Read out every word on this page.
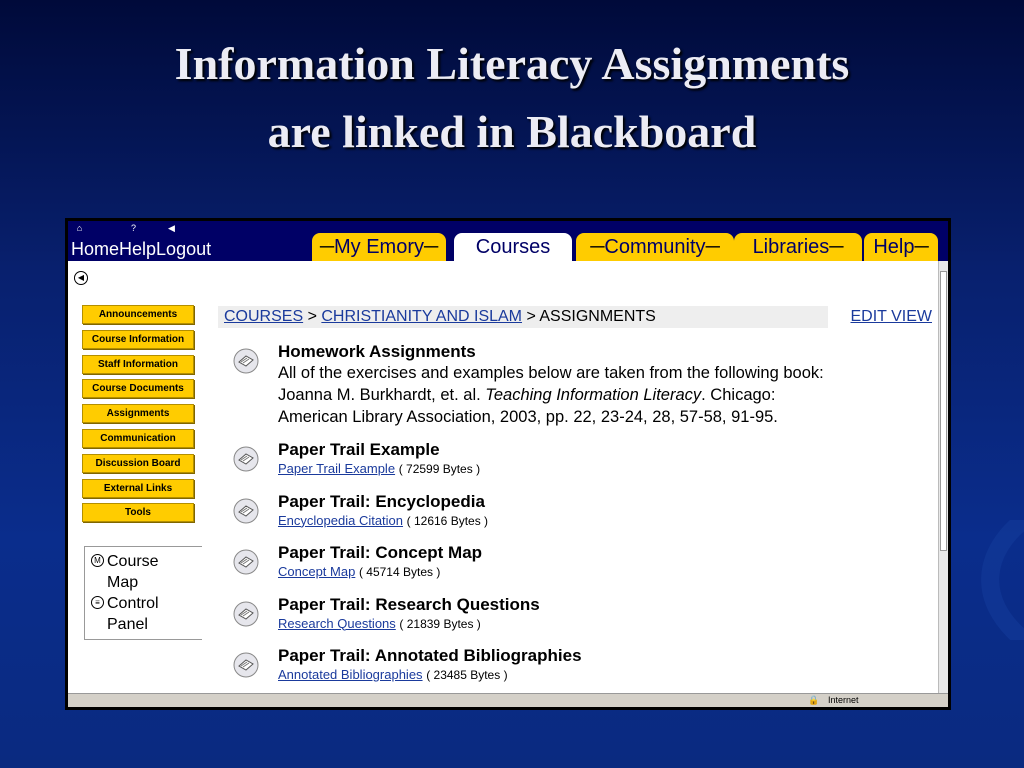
Information Literacy Assignments
are linked in Blackboard
⌂	?	◀
HomeHelpLogout	─My Emory─	Courses	─Community─	Libraries─	Help─
◀
Announcements
Course Information
Staff Information
Course Documents
Assignments
Communication
Discussion Board
External Links
Tools
M Course
Map
≡ Control
Panel
COURSES > CHRISTIANITY AND ISLAM > ASSIGNMENTS	EDIT VIEW
Homework Assignments
All of the exercises and examples below are taken from the following book:
Joanna M. Burkhardt, et. al. Teaching Information Literacy. Chicago:
American Library Association, 2003, pp. 22, 23-24, 28, 57-58, 91-95.
Paper Trail Example
Paper Trail Example ( 72599 Bytes )
Paper Trail: Encyclopedia
Encyclopedia Citation ( 12616 Bytes )
Paper Trail: Concept Map
Concept Map ( 45714 Bytes )
Paper Trail: Research Questions
Research Questions ( 21839 Bytes )
Paper Trail: Annotated Bibliographies
Annotated Bibliographies ( 23485 Bytes )
🔒 Internet
